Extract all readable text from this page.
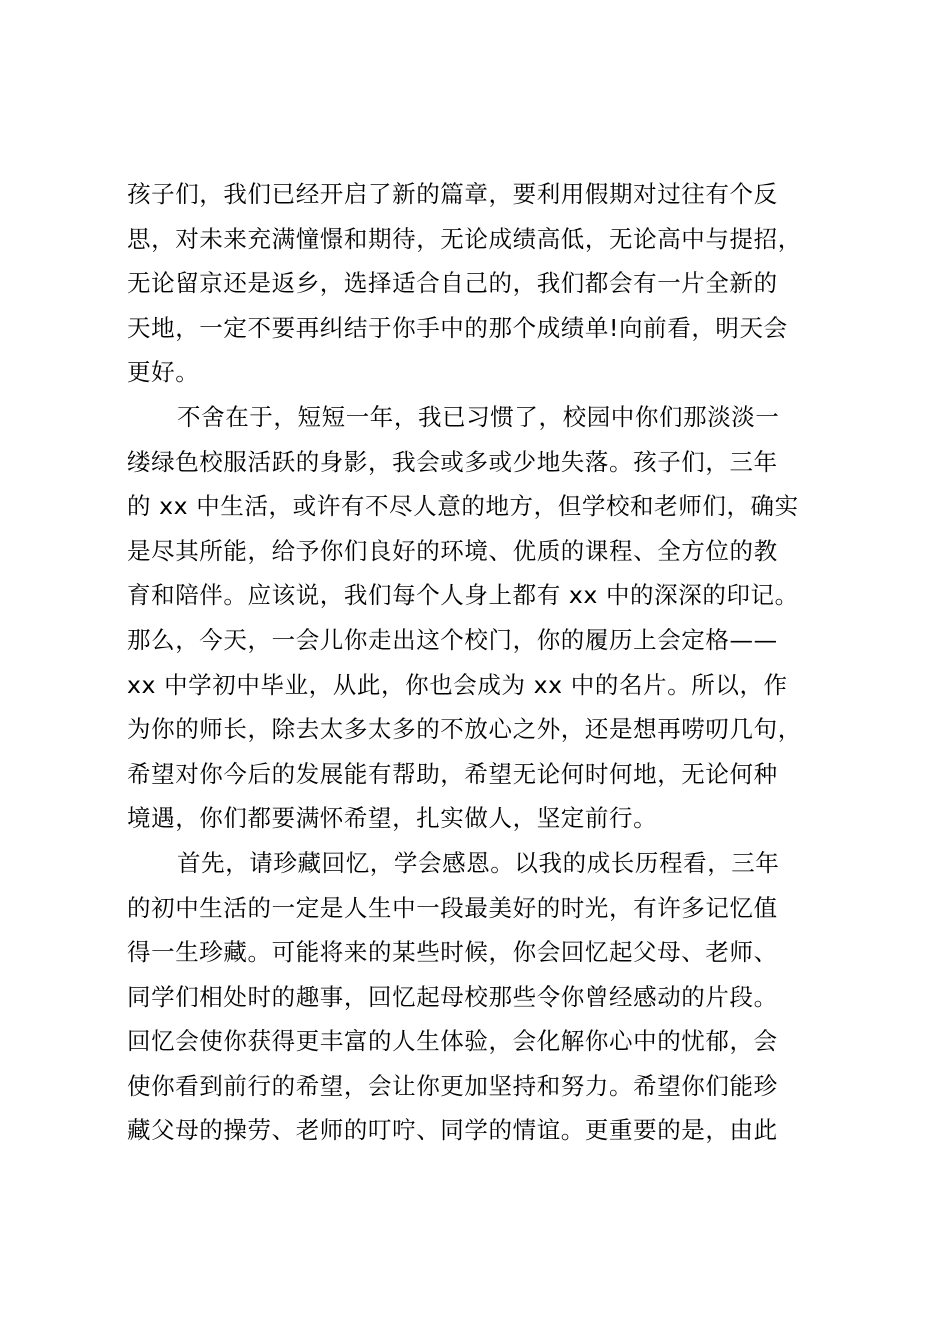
孩子们，我们已经开启了新的篇章，要利用假期对过往有个反
思，对未来充满憧憬和期待，无论成绩高低，无论高中与提招，
无论留京还是返乡，选择适合自己的，我们都会有一片全新的
天地，一定不要再纠结于你手中的那个成绩单!向前看，明天会
更好。
不舍在于，短短一年，我已习惯了，校园中你们那淡淡一
缕绿色校服活跃的身影，我会或多或少地失落。孩子们，三年
的 xx 中生活，或许有不尽人意的地方，但学校和老师们，确实
是尽其所能，给予你们良好的环境、优质的课程、全方位的教
育和陪伴。应该说，我们每个人身上都有 xx 中的深深的印记。
那么，今天，一会儿你走出这个校门，你的履历上会定格——
xx 中学初中毕业，从此，你也会成为 xx 中的名片。所以，作
为你的师长，除去太多太多的不放心之外，还是想再唠叨几句，
希望对你今后的发展能有帮助，希望无论何时何地，无论何种
境遇，你们都要满怀希望，扎实做人，坚定前行。
首先，请珍藏回忆，学会感恩。以我的成长历程看，三年
的初中生活的一定是人生中一段最美好的时光，有许多记忆值
得一生珍藏。可能将来的某些时候，你会回忆起父母、老师、
同学们相处时的趣事，回忆起母校那些令你曾经感动的片段。
回忆会使你获得更丰富的人生体验，会化解你心中的忧郁，会
使你看到前行的希望，会让你更加坚持和努力。希望你们能珍
藏父母的操劳、老师的叮咛、同学的情谊。更重要的是，由此
